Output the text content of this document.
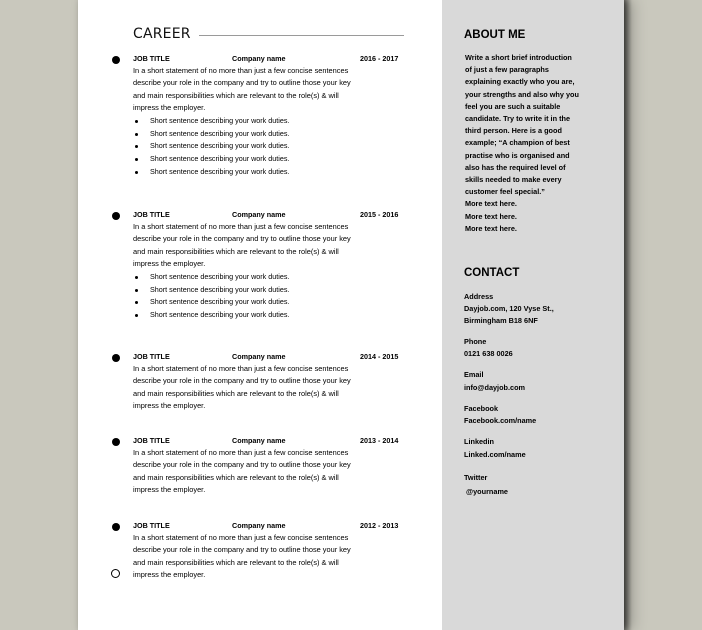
CAREER
JOB TITLE	Company name	2016 - 2017
In a short statement of no more than just a few concise sentences describe your role in the company and try to outline those your key and main responsibilities which are relevant to the role(s) & will impress the employer.
Short sentence describing your work duties.
Short sentence describing your work duties.
Short sentence describing your work duties.
Short sentence describing your work duties.
Short sentence describing your work duties.
JOB TITLE	Company name	2015 - 2016
In a short statement of no more than just a few concise sentences describe your role in the company and try to outline those your key and main responsibilities which are relevant to the role(s) & will impress the employer.
Short sentence describing your work duties.
Short sentence describing your work duties.
Short sentence describing your work duties.
Short sentence describing your work duties.
JOB TITLE	Company name	2014 - 2015
In a short statement of no more than just a few concise sentences describe your role in the company and try to outline those your key and main responsibilities which are relevant to the role(s) & will impress the employer.
JOB TITLE	Company name	2013 - 2014
In a short statement of no more than just a few concise sentences describe your role in the company and try to outline those your key and main responsibilities which are relevant to the role(s) & will impress the employer.
JOB TITLE	Company name	2012 - 2013
In a short statement of no more than just a few concise sentences describe your role in the company and try to outline those your key and main responsibilities which are relevant to the role(s) & will impress the employer.
ABOUT ME
Write a short brief introduction
of just a few paragraphs
explaining exactly who you are,
your strengths and also why you
feel you are such a suitable
candidate. Try to write it in the
third person. Here is a good
example; “A champion of best
practise who is organised and
also has the required level of
skills needed to make every
customer feel special.”
More text here.
More text here.
More text here.
CONTACT
Address
Dayjob.com, 120 Vyse St.,
Birmingham B18 6NF
Phone
0121 638 0026
Email
info@dayjob.com
Facebook
Facebook.com/name
Linkedin
Linked.com/name
Twitter
@yourname
